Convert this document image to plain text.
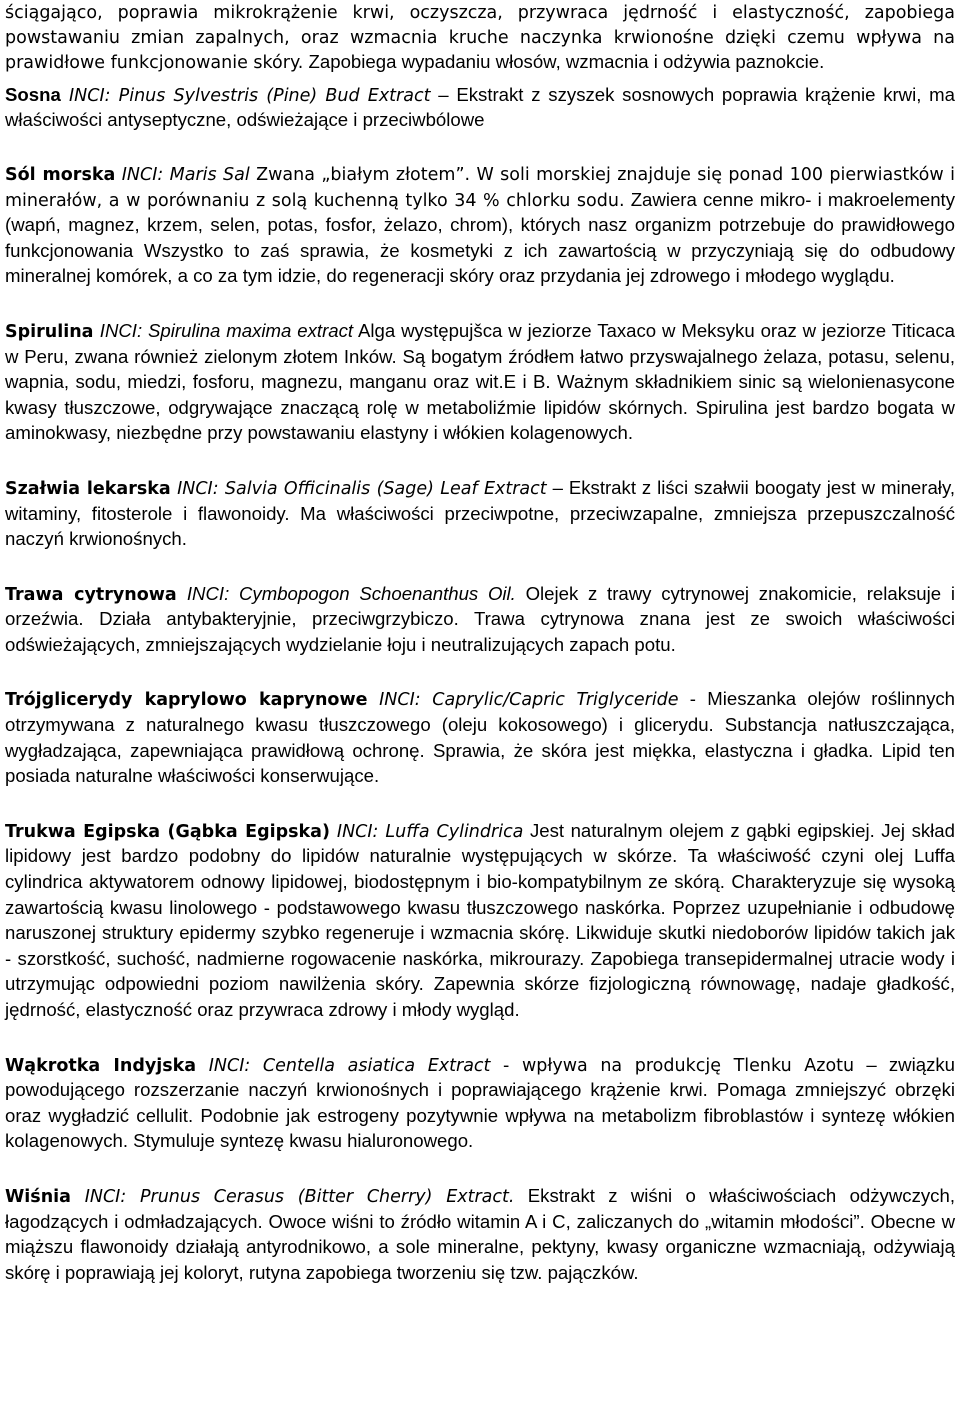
ściągająco, poprawia mikrokrążenie krwi, oczyszcza, przywraca jędrność i elastyczność, zapobiega powstawaniu zmian zapalnych, oraz wzmacnia kruche naczynka krwionośne dzięki czemu wpływa na prawidłowe funkcjonowanie skóry. Zapobiega wypadaniu włosów, wzmacnia i odżywia paznokcie.

Sosna INCI: Pinus Sylvestris (Pine) Bud Extract – Ekstrakt z szyszek sosnowych poprawia krążenie krwi, ma właściwości antyseptyczne, odświeżające i przeciwbólowe

Sól morska INCI: Maris Sal Zwana „białym złotem”. W soli morskiej znajduje się ponad 100 pierwiastków i minerałów, a w porównaniu z solą kuchenną tylko 34 % chlorku sodu. Zawiera cenne mikro- i makroelementy (wapń, magnez, krzem, selen, potas, fosfor, żelazo, chrom), których nasz organizm potrzebuje do prawidłowego funkcjonowania Wszystko to zaś sprawia, że kosmetyki z ich zawartością w przyczyniają się do odbudowy mineralnej komórek, a co za tym idzie, do regeneracji skóry oraz przydania jej zdrowego i młodego wyglądu.

Spirulina INCI: Spirulina maxima extract Alga występujšca w jeziorze Taxaco w Meksyku oraz w jeziorze Titicaca w Peru, zwana również zielonym złotem Inków. Są bogatym źródłem łatwo przyswajalnego żelaza, potasu, selenu, wapnia, sodu, miedzi, fosforu, magnezu, manganu oraz wit.E i B. Ważnym składnikiem sinic są wielonienasycone kwasy tłuszczowe, odgrywające znaczącą rolę w metaboliźmie lipidów skórnych. Spirulina jest bardzo bogata w aminokwasy, niezbędne przy powstawaniu elastyny i włókien kolagenowych.

Szałwia lekarska INCI: Salvia Officinalis (Sage) Leaf Extract – Ekstrakt z liści szałwii boogaty jest w minerały, witaminy, fitosterole i flawonoidy. Ma właściwości przeciwpotne, przeciwzapalne, zmniejsza przepuszczalność naczyń krwionośnych.

Trawa cytrynowa INCI: Cymbopogon Schoenanthus Oil. Olejek z trawy cytrynowej znakomicie, relaksuje i orzeźwia. Działa antybakteryjnie, przeciwgrzybiczo. Trawa cytrynowa znana jest ze swoich właściwości odświeżających, zmniejszających wydzielanie łoju i neutralizujących zapach potu.

Trójglicerydy kaprylowo kaprynowe INCI: Caprylic/Capric Triglyceride - Mieszanka olejów roślinnych otrzymywana z naturalnego kwasu tłuszczowego (oleju kokosowego) i glicerydu. Substancja natłuszczająca, wygładzająca, zapewniająca prawidłową ochronę. Sprawia, że skóra jest miękka, elastyczna i gładka. Lipid ten posiada naturalne właściwości konserwujące.

Trukwa Egipska (Gąbka Egipska) INCI: Luffa Cylindrica Jest naturalnym olejem z gąbki egipskiej. Jej skład lipidowy jest bardzo podobny do lipidów naturalnie występujących w skórze. Ta właściwość czyni olej Luffa cylindrica aktywatorem odnowy lipidowej, biodostępnym i bio-kompatybilnym ze skórą. Charakteryzuje się wysoką zawartością kwasu linolowego - podstawowego kwasu tłuszczowego naskórka. Poprzez uzupełnianie i odbudowę naruszonej struktury epidermy szybko regeneruje i wzmacnia skórę. Likwiduje skutki niedoborów lipidów takich jak - szorstkość, suchość, nadmierne rogowacenie naskórka, mikrourazy. Zapobiega transepidermalnej utracie wody i utrzymując odpowiedni poziom nawilżenia skóry. Zapewnia skórze fizjologiczną równowagę, nadaje gładkość, jędrność, elastyczność oraz przywraca zdrowy i młody wygląd.

Wąkrotka Indyjska INCI: Centella asiatica Extract - wpływa na produkcję Tlenku Azotu – związku powodującego rozszerzanie naczyń krwionośnych i poprawiającego krążenie krwi. Pomaga zmniejszyć obrzęki oraz wygładzić cellulit. Podobnie jak estrogeny pozytywnie wpływa na metabolizm fibroblastów i syntezę włókien kolagenowych. Stymuluje syntezę kwasu hialuronowego.

Wiśnia INCI: Prunus Cerasus (Bitter Cherry) Extract. Ekstrakt z wiśni o właściwościach odżywczych, łagodzących i odmładzających. Owoce wiśni to źródło witamin A i C, zaliczanych do „witamin młodości”. Obecne w miąższu flawonoidy działają antyrodnikowo, a sole mineralne, pektyny, kwasy organiczne wzmacniają, odżywiają skórę i poprawiają jej koloryt, rutyna zapobiega tworzeniu się tzw. pajączków.
